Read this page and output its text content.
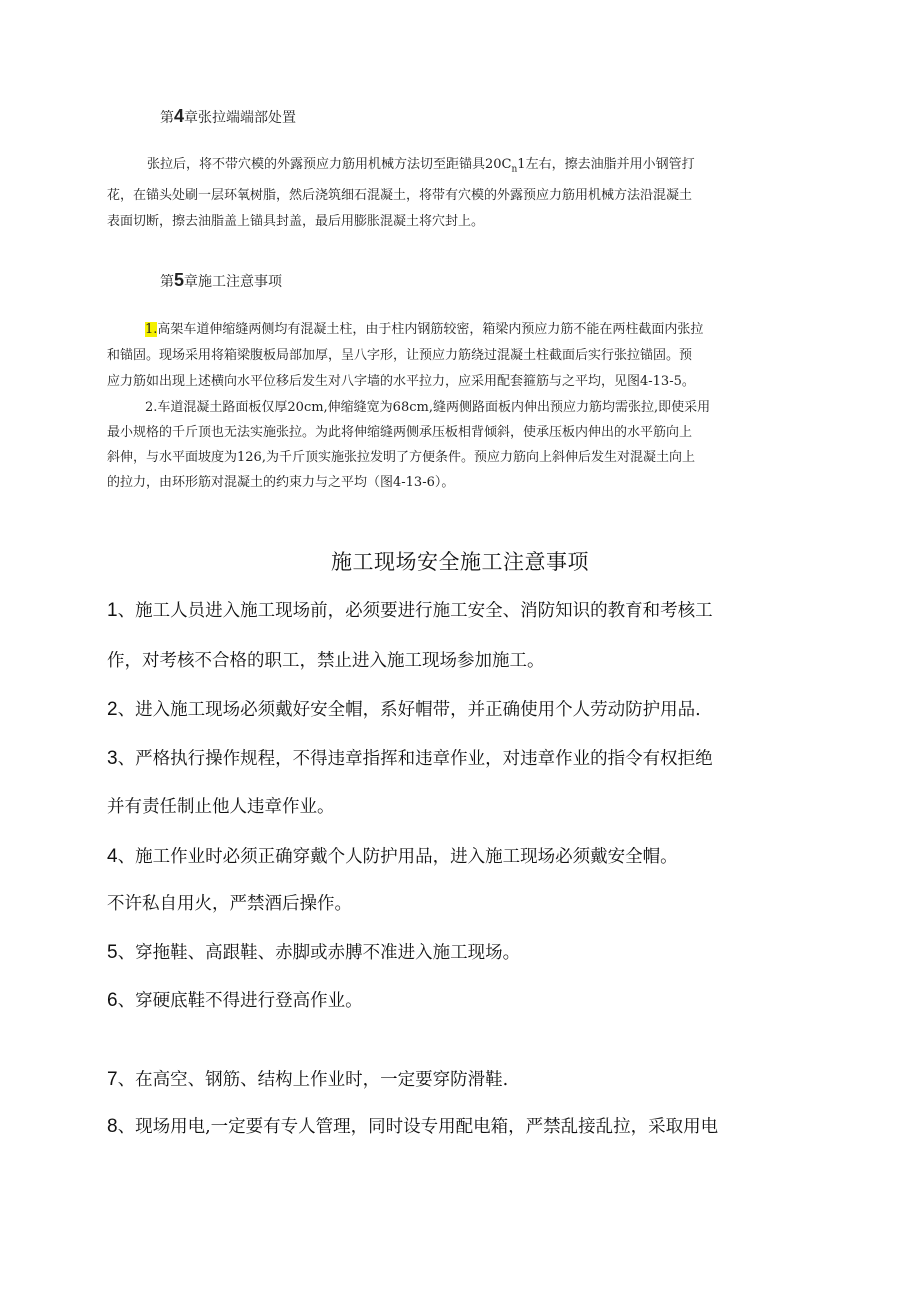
第4章张拉端端部处置
张拉后，将不带穴模的外露预应力筋用机械方法切至距锚具$20C_n1$左右，擦去油脂并用小钢管打
花，在锚头处刷一层环氧树脂，然后浇筑细石混凝土，将带有穴模的外露预应力筋用机械方法沿混凝土
表面切断，擦去油脂盖上锚具封盖，最后用膨胀混凝土将穴封上。
第5章施工注意事项
1.高架车道伸缩缝两侧均有混凝土柱，由于柱内钢筋较密，箱梁内预应力筋不能在两柱截面内张拉
和锚固。现场采用将箱梁腹板局部加厚，呈八字形，让预应力筋绕过混凝土柱截面后实行张拉锚固。预
应力筋如出现上述横向水平位移后发生对八字墙的水平拉力，应采用配套箍筋与之平均，见图4-13-5。
2.车道混凝土路面板仅厚20cm,伸缩缝宽为68cm,缝两侧路面板内伸出预应力筋均需张拉,即使采用
最小规格的千斤顶也无法实施张拉。为此将伸缩缝两侧承压板相背倾斜，使承压板内伸出的水平筋向上
斜伸，与水平面坡度为126,为千斤顶实施张拉发明了方便条件。预应力筋向上斜伸后发生对混凝土向上
的拉力，由环形筋对混凝土的约束力与之平均（图4-13-6）。
施工现场安全施工注意事项
1、施工人员进入施工现场前，必须要进行施工安全、消防知识的教育和考核工
作，对考核不合格的职工，禁止进入施工现场参加施工。
2、进入施工现场必须戴好安全帽，系好帽带，并正确使用个人劳动防护用品.
3、严格执行操作规程，不得违章指挥和违章作业，对违章作业的指令有权拒绝
并有责任制止他人违章作业。
4、施工作业时必须正确穿戴个人防护用品，进入施工现场必须戴安全帽。
不许私自用火，严禁酒后操作。
5、穿拖鞋、高跟鞋、赤脚或赤膊不准进入施工现场。
6、穿硬底鞋不得进行登高作业。
7、在高空、钢筋、结构上作业时，一定要穿防滑鞋.
8、现场用电,一定要有专人管理，同时设专用配电箱，严禁乱接乱拉，采取用电
